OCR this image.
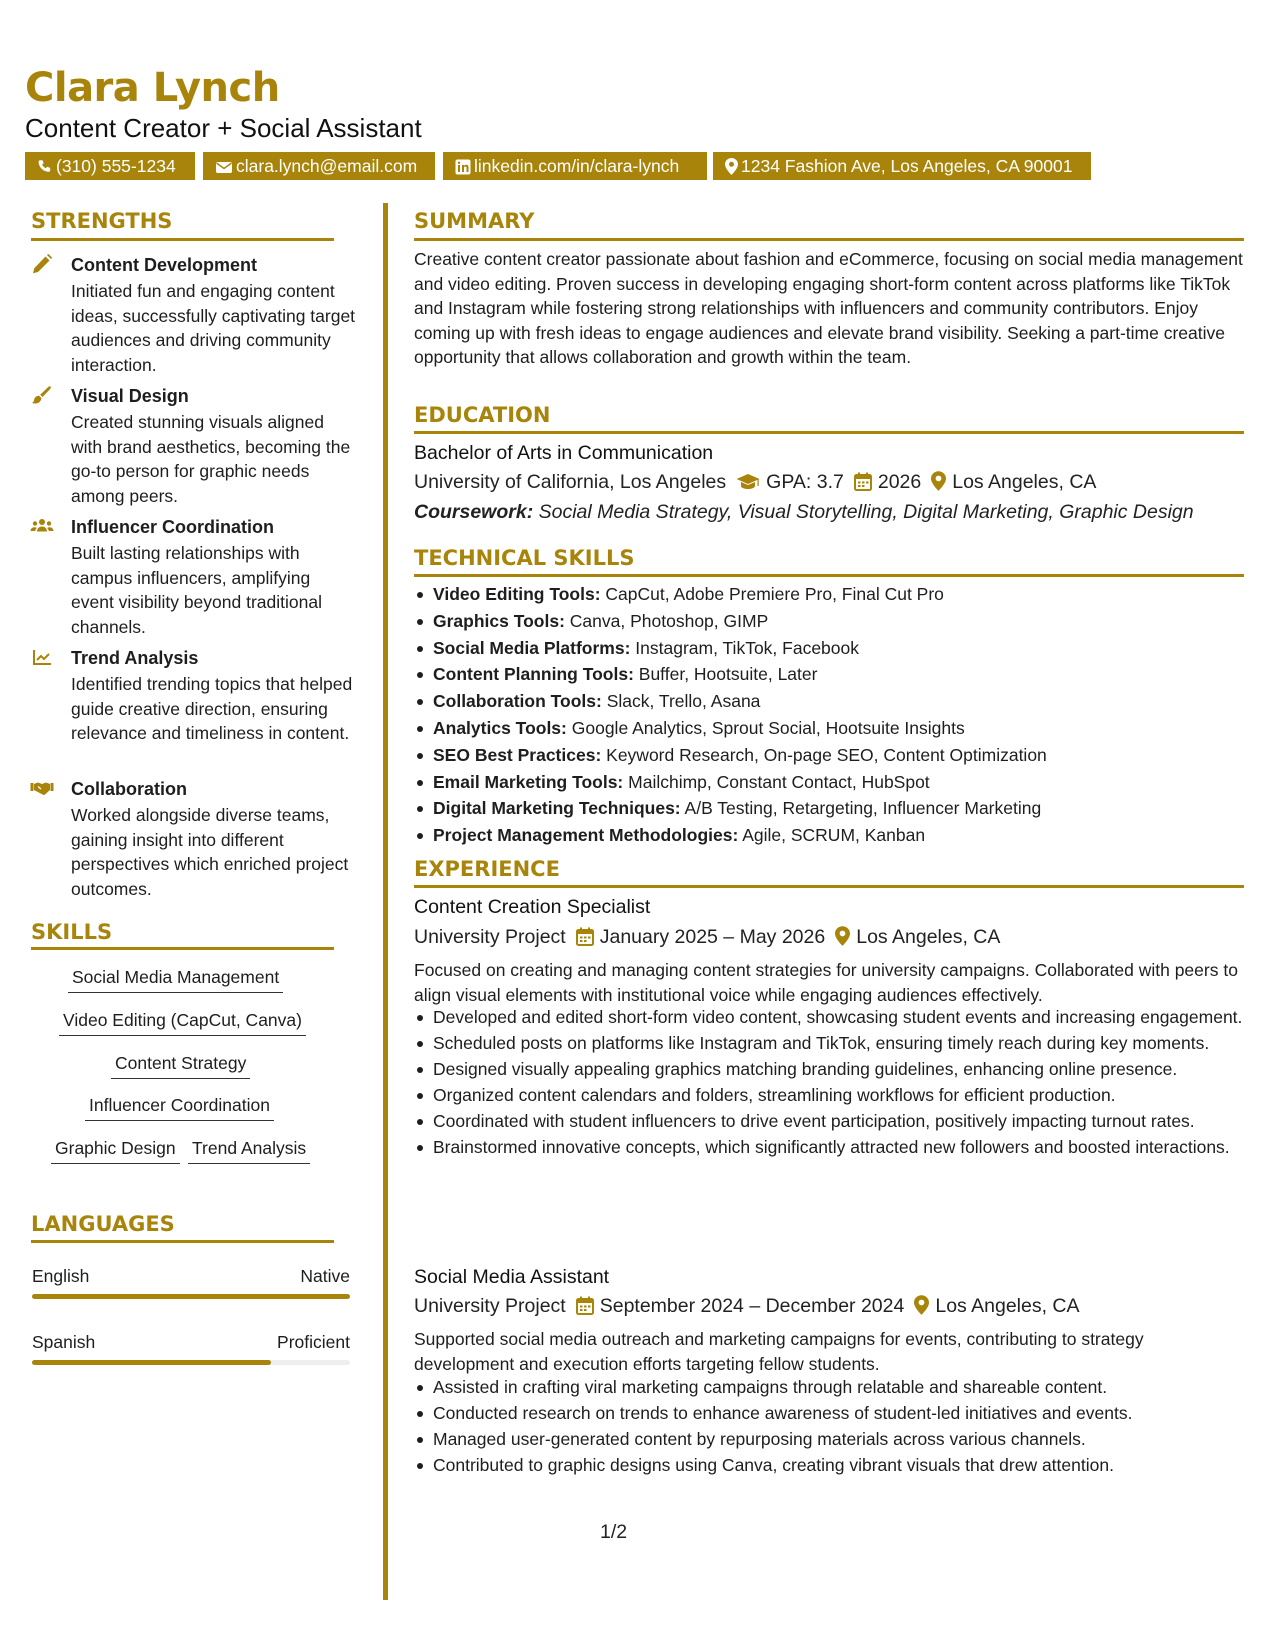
Clara Lynch
Content Creator + Social Assistant
(310) 555-1234	clara.lynch@email.com	linkedin.com/in/clara-lynch	1234 Fashion Ave, Los Angeles, CA 90001
STRENGTHS
Content Development
Initiated fun and engaging content ideas, successfully captivating target audiences and driving community interaction.
Visual Design
Created stunning visuals aligned with brand aesthetics, becoming the go-to person for graphic needs among peers.
Influencer Coordination
Built lasting relationships with campus influencers, amplifying event visibility beyond traditional channels.
Trend Analysis
Identified trending topics that helped guide creative direction, ensuring relevance and timeliness in content.
Collaboration
Worked alongside diverse teams, gaining insight into different perspectives which enriched project outcomes.
SKILLS
Social Media Management
Video Editing (CapCut, Canva)
Content Strategy
Influencer Coordination
Graphic Design Trend Analysis
LANGUAGES
English	Native
Spanish	Proficient
SUMMARY

Creative content creator passionate about fashion and eCommerce, focusing on social media management and video editing. Proven success in developing engaging short-form content across platforms like TikTok and Instagram while fostering strong relationships with influencers and community contributors. Enjoy coming up with fresh ideas to engage audiences and elevate brand visibility. Seeking a part-time creative opportunity that allows collaboration and growth within the team.

EDUCATION
Bachelor of Arts in Communication
University of California, Los Angeles GPA: 3.7 2026 Los Angeles, CA
Coursework: Social Media Strategy, Visual Storytelling, Digital Marketing, Graphic Design
TECHNICAL SKILLS
Video Editing Tools: CapCut, Adobe Premiere Pro, Final Cut Pro
Graphics Tools: Canva, Photoshop, GIMP
Social Media Platforms: Instagram, TikTok, Facebook
Content Planning Tools: Buffer, Hootsuite, Later
Collaboration Tools: Slack, Trello, Asana
Analytics Tools: Google Analytics, Sprout Social, Hootsuite Insights
SEO Best Practices: Keyword Research, On-page SEO, Content Optimization
Email Marketing Tools: Mailchimp, Constant Contact, HubSpot
Digital Marketing Techniques: A/B Testing, Retargeting, Influencer Marketing
Project Management Methodologies: Agile, SCRUM, Kanban
EXPERIENCE
Content Creation Specialist
University Project January 2025 – May 2026 Los Angeles, CA

Focused on creating and managing content strategies for university campaigns. Collaborated with peers to align visual elements with institutional voice while engaging audiences effectively.

Developed and edited short-form video content, showcasing student events and increasing engagement.
Scheduled posts on platforms like Instagram and TikTok, ensuring timely reach during key moments.
Designed visually appealing graphics matching branding guidelines, enhancing online presence.
Organized content calendars and folders, streamlining workflows for efficient production.
Coordinated with student influencers to drive event participation, positively impacting turnout rates.
Brainstormed innovative concepts, which significantly attracted new followers and boosted interactions.
Social Media Assistant
University Project September 2024 – December 2024 Los Angeles, CA

Supported social media outreach and marketing campaigns for events, contributing to strategy development and execution efforts targeting fellow students.

Assisted in crafting viral marketing campaigns through relatable and shareable content.
Conducted research on trends to enhance awareness of student-led initiatives and events.
Managed user-generated content by repurposing materials across various channels.
Contributed to graphic designs using Canva, creating vibrant visuals that drew attention.
1/2
